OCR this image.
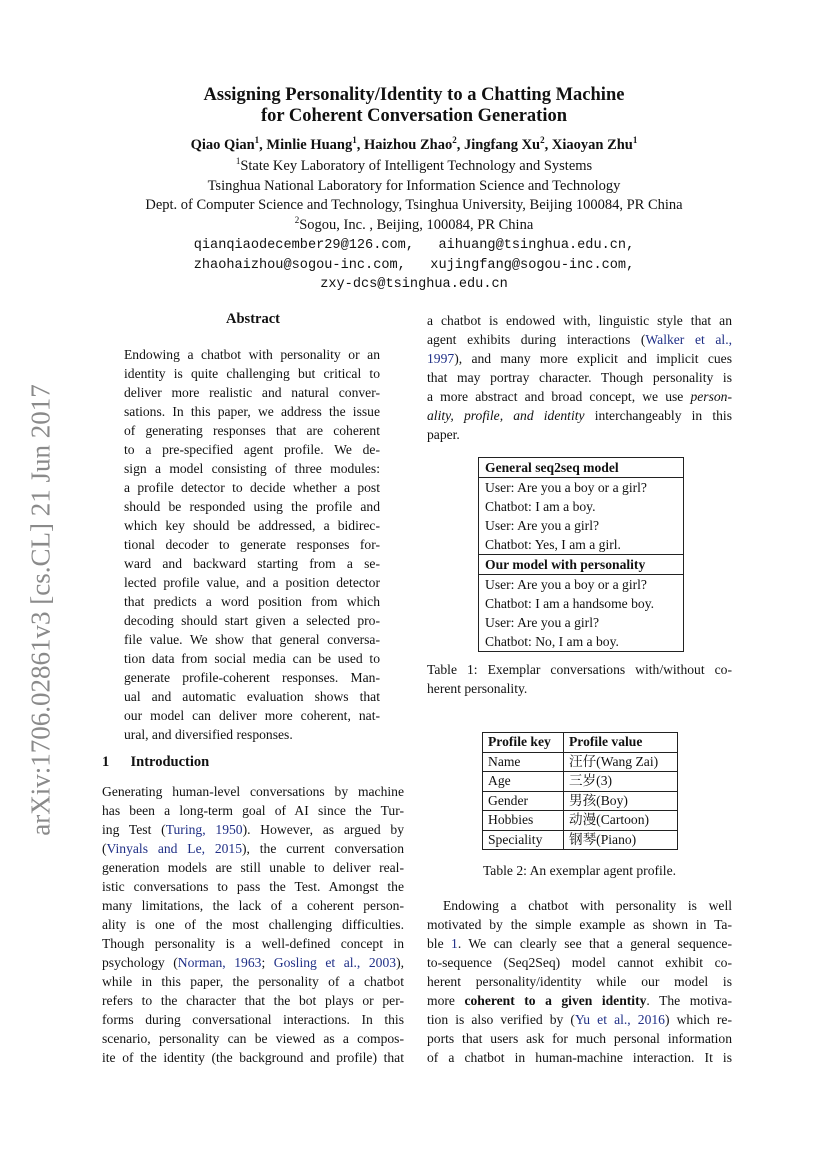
arXiv:1706.02861v3 [cs.CL] 21 Jun 2017
Assigning Personality/Identity to a Chatting Machine
for Coherent Conversation Generation
Qiao Qian$^1$, Minlie Huang$^1$, Haizhou Zhao$^2$, Jingfang Xu$^2$, Xiaoyan Zhu$^1$
$^1$State Key Laboratory of Intelligent Technology and Systems
Tsinghua National Laboratory for Information Science and Technology
Dept. of Computer Science and Technology, Tsinghua University, Beijing 100084, PR China
$^2$Sogou, Inc. , Beijing, 100084, PR China
qianqiaodecember29@126.com,   aihuang@tsinghua.edu.cn,
zhaohaizhou@sogou-inc.com,   xujingfang@sogou-inc.com,
zxy-dcs@tsinghua.edu.cn
Abstract
Endowing a chatbot with personality or an
identity is quite challenging but critical to
deliver more realistic and natural conver-
sations. In this paper, we address the issue
of generating responses that are coherent
to a pre-specified agent profile. We de-
sign a model consisting of three modules:
a profile detector to decide whether a post
should be responded using the profile and
which key should be addressed, a bidirec-
tional decoder to generate responses for-
ward and backward starting from a se-
lected profile value, and a position detector
that predicts a word position from which
decoding should start given a selected pro-
file value. We show that general conversa-
tion data from social media can be used to
generate profile-coherent responses. Man-
ual and automatic evaluation shows that
our model can deliver more coherent, nat-
ural, and diversified responses.
1 Introduction
Generating human-level conversations by machine
has been a long-term goal of AI since the Tur-
ing Test (Turing, 1950). However, as argued by
(Vinyals and Le, 2015), the current conversation
generation models are still unable to deliver real-
istic conversations to pass the Test. Amongst the
many limitations, the lack of a coherent person-
ality is one of the most challenging difficulties.
Though personality is a well-defined concept in
psychology (Norman, 1963; Gosling et al., 2003),
while in this paper, the personality of a chatbot
refers to the character that the bot plays or per-
forms during conversational interactions. In this
scenario, personality can be viewed as a compos-
ite of the identity (the background and profile) that
a chatbot is endowed with, linguistic style that an
agent exhibits during interactions (Walker et al.,
1997), and many more explicit and implicit cues
that may portray character. Though personality is
a more abstract and broad concept, we use person-
ality, profile, and identity interchangeably in this
paper.
General seq2seq model
User: Are you a boy or a girl?
Chatbot: I am a boy.
User: Are you a girl?
Chatbot: Yes, I am a girl.
Our model with personality
User: Are you a boy or a girl?
Chatbot: I am a handsome boy.
User: Are you a girl?
Chatbot: No, I am a boy.
Table 1: Exemplar conversations with/without co-
herent personality.
Profile key	Profile value
Name	汪仔(Wang Zai)
Age	三岁(3)
Gender	男孩(Boy)
Hobbies	动漫(Cartoon)
Speciality	钢琴(Piano)
Table 2: An exemplar agent profile.
Endowing a chatbot with personality is well
motivated by the simple example as shown in Ta-
ble 1. We can clearly see that a general sequence-
to-sequence (Seq2Seq) model cannot exhibit co-
herent personality/identity while our model is
more coherent to a given identity. The motiva-
tion is also verified by (Yu et al., 2016) which re-
ports that users ask for much personal information
of a chatbot in human-machine interaction. It is
